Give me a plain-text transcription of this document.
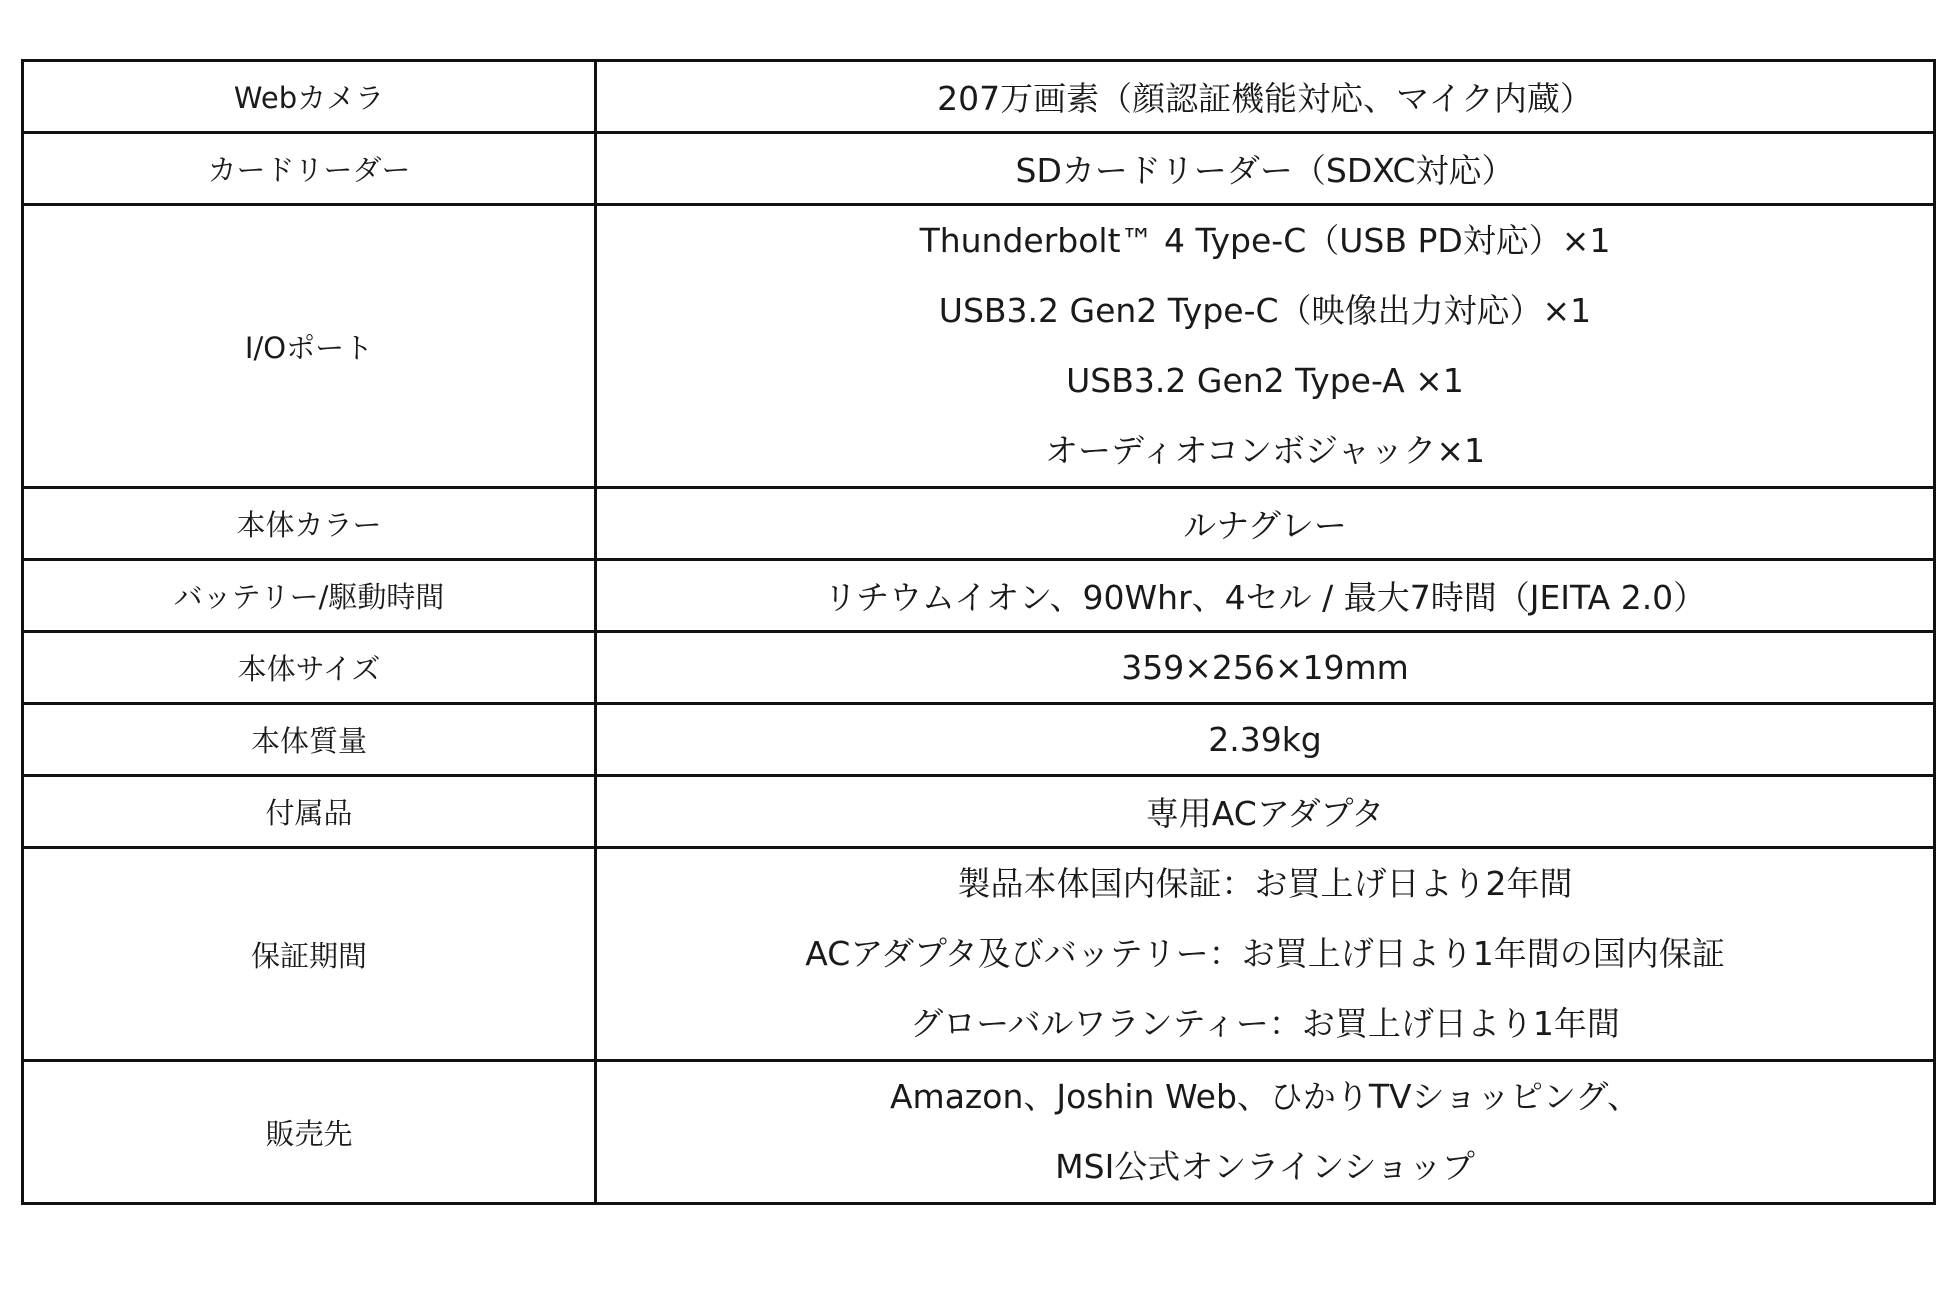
Webカメラ	207万画素（顔認証機能対応、マイク内蔵）

カードリーダー	SDカードリーダー（SDXC対応）

I/Oポート	Thunderbolt™ 4 Type-C（USB PD対応）×1
USB3.2 Gen2 Type-C（映像出力対応）×1
USB3.2 Gen2 Type-A ×1
オーディオコンボジャック×1

本体カラー	ルナグレー

バッテリー/駆動時間	リチウムイオン、90Whr、4セル / 最大7時間（JEITA 2.0）

本体サイズ	359×256×19mm

本体質量	2.39kg

付属品	専用ACアダプタ

保証期間	製品本体国内保証：お買上げ日より2年間
ACアダプタ及びバッテリー：お買上げ日より1年間の国内保証
グローバルワランティー：お買上げ日より1年間

販売先	Amazon、Joshin Web、ひかりTVショッピング、
MSI公式オンラインショップ
